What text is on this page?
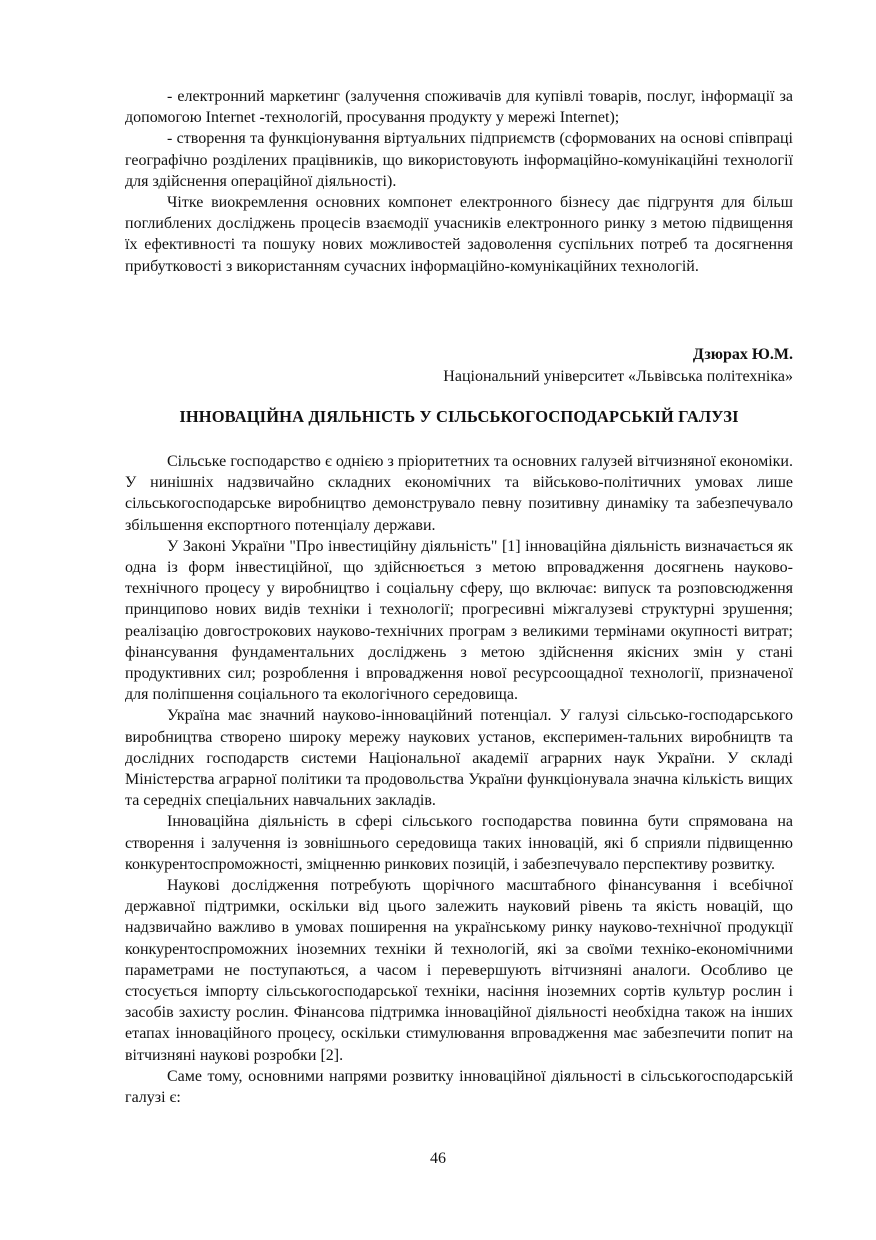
- електронний маркетинг (залучення споживачів для купівлі товарів, послуг, інформації за допомогою Internet -технологій, просування продукту у мережі Internet);

- створення та функціонування віртуальних підприємств (сформованих на основі співпраці географічно розділених працівників, що використовують інформаційно-комунікаційні технології для здійснення операційної діяльності).

Чітке виокремлення основних компонет електронного бізнесу дає підгрунтя для більш поглиблених досліджень процесів взаємодії учасників електронного ринку з метою підвищення їх ефективності та пошуку нових можливостей задоволення суспільних потреб та досягнення прибутковості з використанням сучасних інформаційно-комунікаційних технологій.

Дзюрах Ю.М.
Національний університет «Львівська політехніка»
ІННОВАЦІЙНА ДІЯЛЬНІСТЬ У СІЛЬСЬКОГОСПОДАРСЬКІЙ ГАЛУЗІ

Сільське господарство є однією з пріоритетних та основних галузей вітчизняної економіки. У нинішніх надзвичайно складних економічних та військово-політичних умовах лише сільськогосподарське виробництво демонструвало певну позитивну динаміку та забезпечувало збільшення експортного потенціалу держави.

У Законі України "Про інвестиційну діяльність" [1] інноваційна діяльність визначається як одна із форм інвестиційної, що здійснюється з метою впровадження досягнень науково-технічного процесу у виробництво і соціальну сферу, що включає: випуск та розповсюдження принципово нових видів техніки і технології; прогресивні міжгалузеві структурні зрушення; реалізацію довгострокових науково-технічних програм з великими термінами окупності витрат; фінансування фундаментальних досліджень з метою здійснення якісних змін у стані продуктивних сил; розроблення і впровадження нової ресурсоощадної технології, призначеної для поліпшення соціального та екологічного середовища.

Україна має значний науково-інноваційний потенціал. У галузі сільсько-господарського виробництва створено широку мережу наукових установ, експеримен-тальних виробництв та дослідних господарств системи Національної академії аграрних наук України. У складі Міністерства аграрної політики та продовольства України функціонувала значна кількість вищих та середніх спеціальних навчальних закладів.

Інноваційна діяльність в сфері сільського господарства повинна бути спрямована на створення і залучення із зовнішнього середовища таких інновацій, які б сприяли підвищенню конкурентоспроможності, зміцненню ринкових позицій, і забезпечувало перспективу розвитку.

Наукові дослідження потребують щорічного масштабного фінансування і всебічної державної підтримки, оскільки від цього залежить науковий рівень та якість новацій, що надзвичайно важливо в умовах поширення на українському ринку науково-технічної продукції конкурентоспроможних іноземних техніки й технологій, які за своїми техніко-економічними параметрами не поступаються, а часом і перевершують вітчизняні аналоги. Особливо це стосується імпорту сільськогосподарської техніки, насіння іноземних сортів культур рослин і засобів захисту рослин. Фінансова підтримка інноваційної діяльності необхідна також на інших етапах інноваційного процесу, оскільки стимулювання впровадження має забезпечити попит на вітчизняні наукові розробки [2].

Саме тому, основними напрями розвитку інноваційної діяльності в сільськогосподарській галузі є:

46
